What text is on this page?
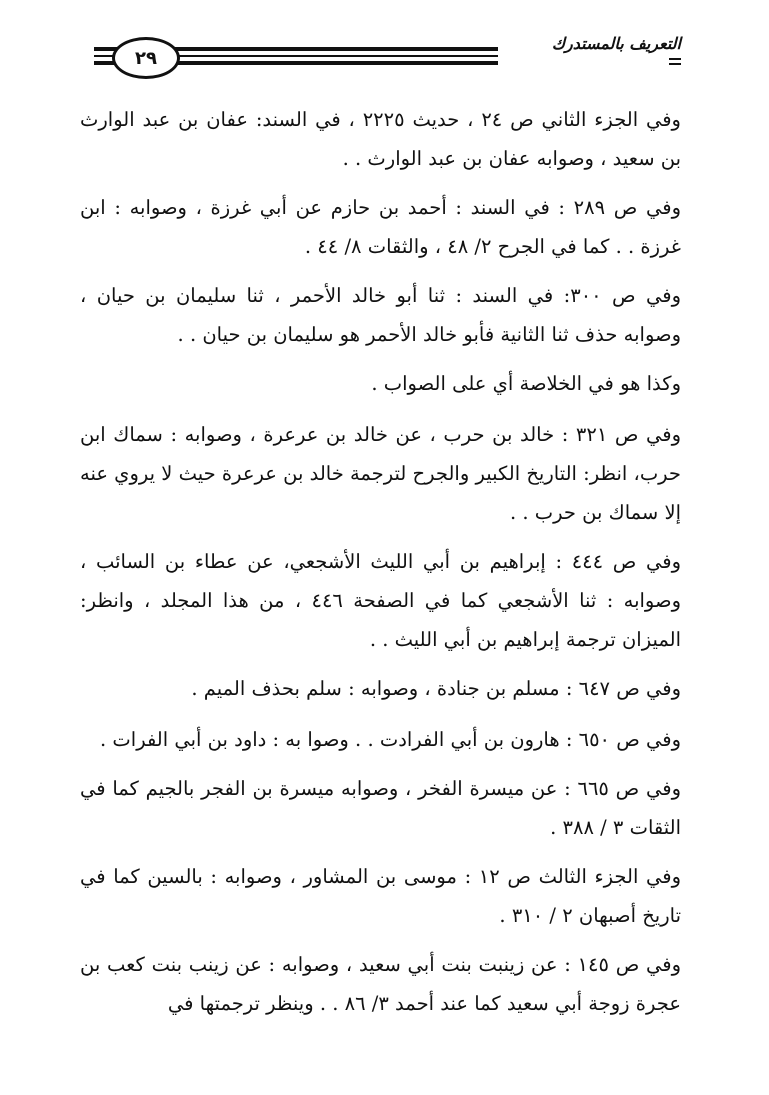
٢٩
التعريف بالمستدرك

وفي الجزء الثاني ص ٢٤ ، حديث ٢٢٢٥ ، في السند: عفان بن عبد الوارث بن سعيد ، وصوابه عفان بن عبد الوارث . .

وفي ص ٢٨٩ : في السند : أحمد بن حازم عن أبي غرزة ، وصوابه : ابن غرزة . . كما في الجرح ٢/ ٤٨ ، والثقات ٨/ ٤٤ .

وفي ص ٣٠٠: في السند : ثنا أبو خالد الأحمر ، ثنا سليمان بن حيان ، وصوابه حذف ثنا الثانية فأبو خالد الأحمر هو سليمان بن حيان . .

وكذا هو في الخلاصة أي على الصواب .

وفي ص ٣٢١ : خالد بن حرب ، عن خالد بن عرعرة ، وصوابه : سماك ابن حرب، انظر: التاريخ الكبير والجرح لترجمة خالد بن عرعرة حيث لا يروي عنه إلا سماك بن حرب . .

وفي ص ٤٤٤ : إبراهيم بن أبي الليث الأشجعي، عن عطاء بن السائب ، وصوابه : ثنا الأشجعي كما في الصفحة ٤٤٦ ، من هذا المجلد ، وانظر: الميزان ترجمة إبراهيم بن أبي الليث . .

وفي ص ٦٤٧ : مسلم بن جنادة ، وصوابه : سلم بحذف الميم .

وفي ص ٦٥٠ : هارون بن أبي الفرادت . . وصوا به : داود بن أبي الفرات .

وفي ص ٦٦٥ : عن ميسرة الفخر ، وصوابه ميسرة بن الفجر بالجيم كما في الثقات ٣ / ٣٨٨ .

وفي الجزء الثالث ص ١٢ : موسى بن المشاور ، وصوابه : بالسين كما في تاريخ أصبهان ٢ / ٣١٠ .

وفي ص ١٤٥ : عن زينبت بنت أبي سعيد ، وصوابه : عن زينب بنت كعب بن عجرة زوجة أبي سعيد كما عند أحمد ٣/ ٨٦ . . وينظر ترجمتها في
